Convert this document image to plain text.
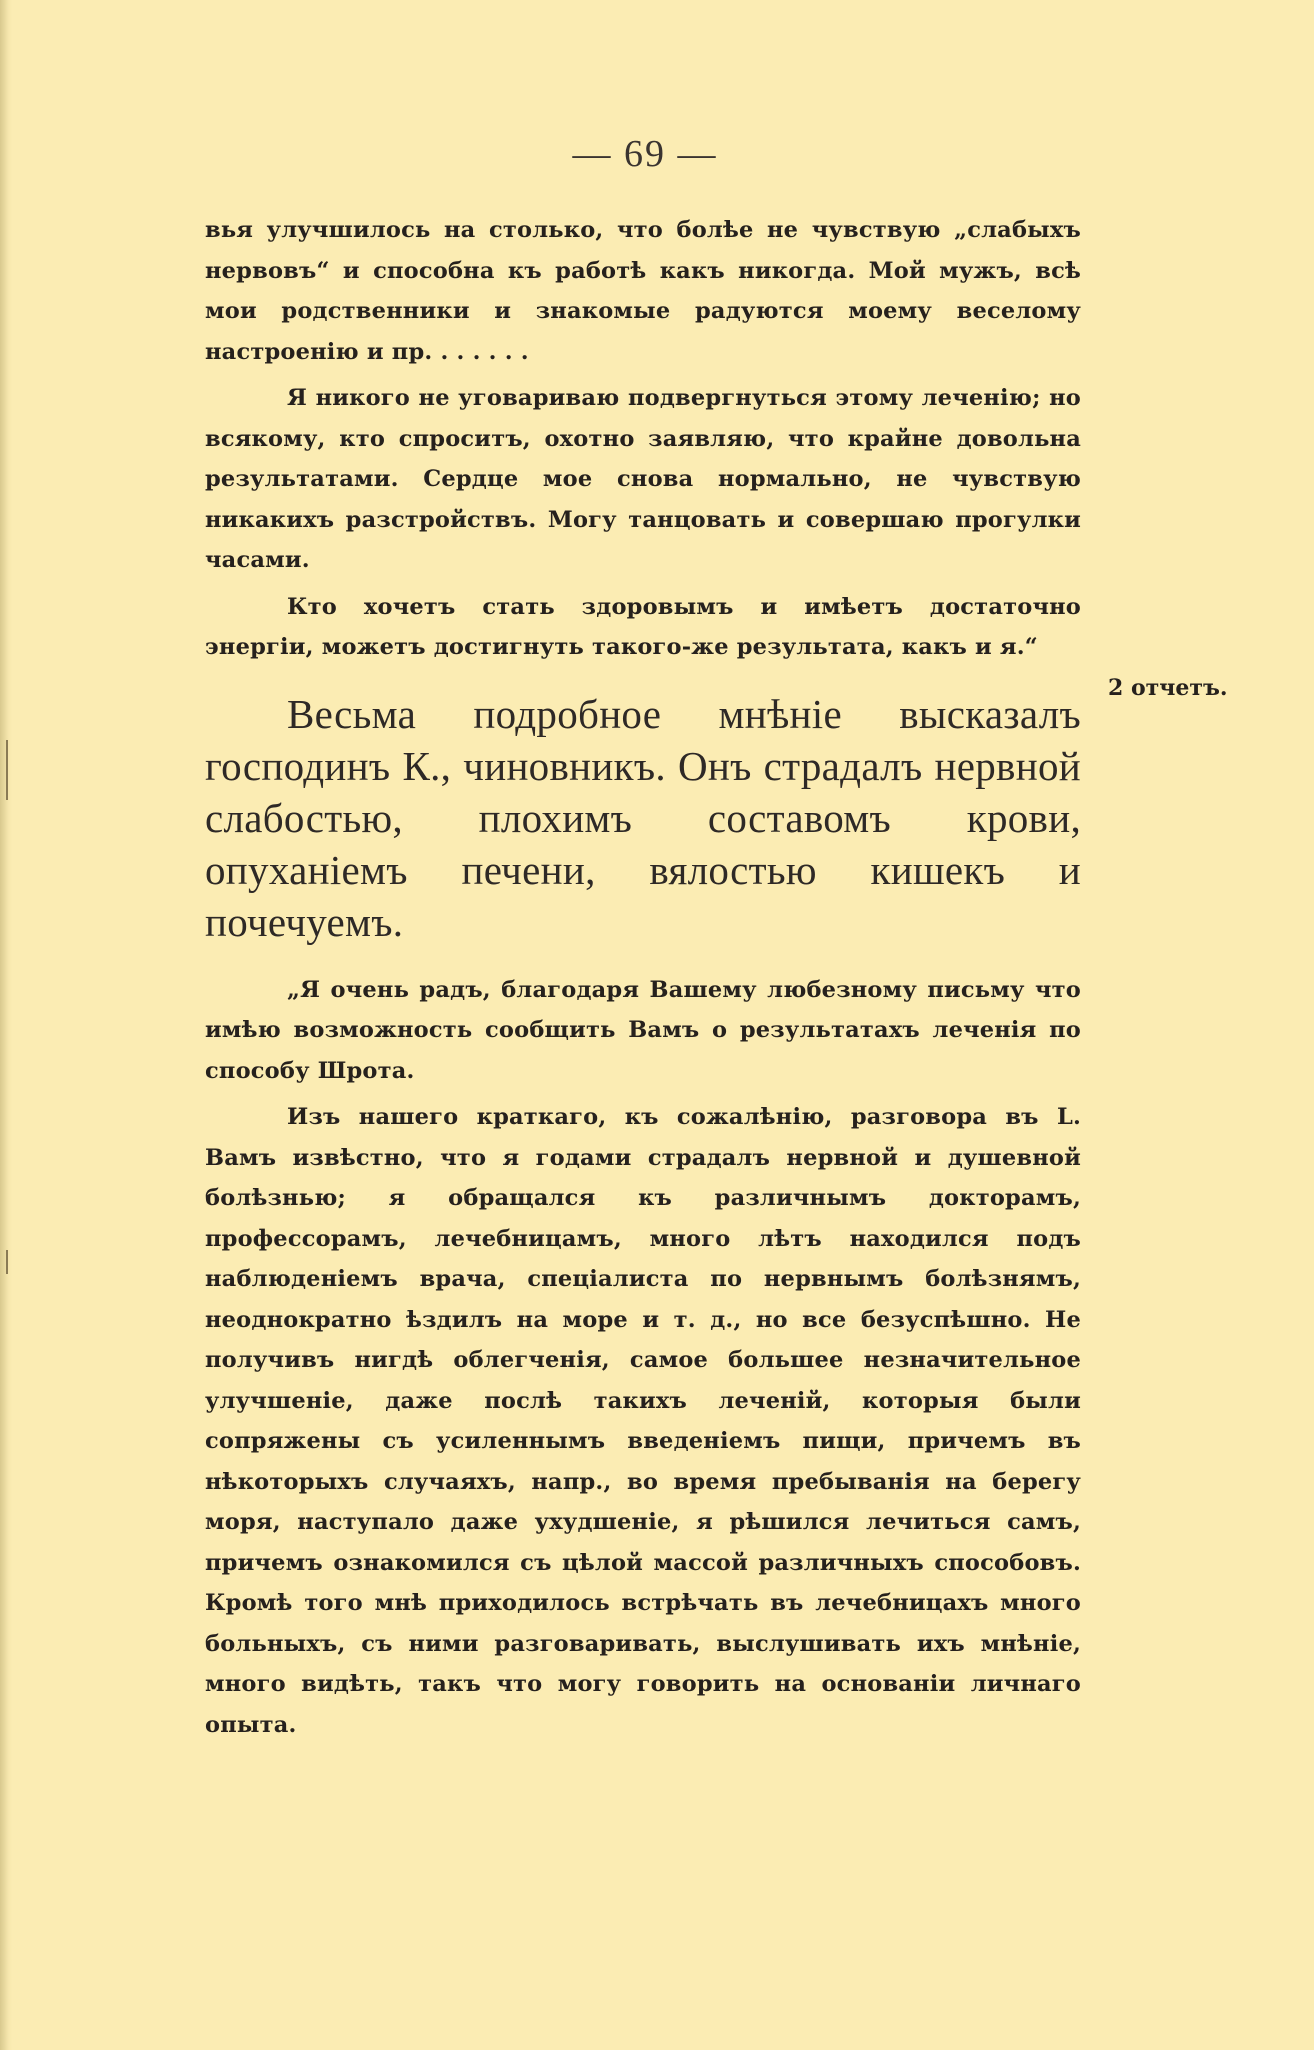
— 69 —

вья улучшилось на столько, что болѣе не чувствую „слабыхъ нервовъ“ и способна къ работѣ какъ никогда. Мой мужъ, всѣ мои родственники и знакомые радуются моему веселому настроенію и пр. . . . . . .

Я никого не уговариваю подвергнуться этому леченію; но всякому, кто спроситъ, охотно заявляю, что крайне довольна результатами. Сердце мое снова нормально, не чувствую никакихъ разстройствъ. Могу танцовать и совершаю прогулки часами.

Кто хочетъ стать здоровымъ и имѣетъ достаточно энергіи, можетъ достигнуть такого-же результата, какъ и я.“

Весьма подробное мнѣніе высказалъ господинъ К., чиновникъ. Онъ страдалъ нервной слабостью, плохимъ составомъ крови, опуханіемъ печени, вялостью кишекъ и почечуемъ.

„Я очень радъ, благодаря Вашему любезному письму что имѣю возможность сообщить Вамъ о результатахъ леченія по способу Шрота.

Изъ нашего краткаго, къ сожалѣнію, разговора въ L. Вамъ извѣстно, что я годами страдалъ нервной и душевной болѣзнью; я обращался къ различнымъ докторамъ, профессорамъ, лечебницамъ, много лѣтъ находился подъ наблюденіемъ врача, спеціалиста по нервнымъ болѣзнямъ, неоднократно ѣздилъ на море и т. д., но все безуспѣшно. Не получивъ нигдѣ облегченія, самое большее незначительное улучшеніе, даже послѣ такихъ леченій, которыя были сопряжены съ усиленнымъ введеніемъ пищи, причемъ въ нѣкоторыхъ случаяхъ, напр., во время пребыванія на берегу моря, наступало даже ухудшеніе, я рѣшился лечиться самъ, причемъ ознакомился съ цѣлой массой различныхъ способовъ. Кромѣ того мнѣ приходилось встрѣчать въ лечебницахъ много больныхъ, съ ними разговаривать, выслушивать ихъ мнѣніе, много видѣть, такъ что могу говорить на основаніи личнаго опыта.

2 отчетъ.
